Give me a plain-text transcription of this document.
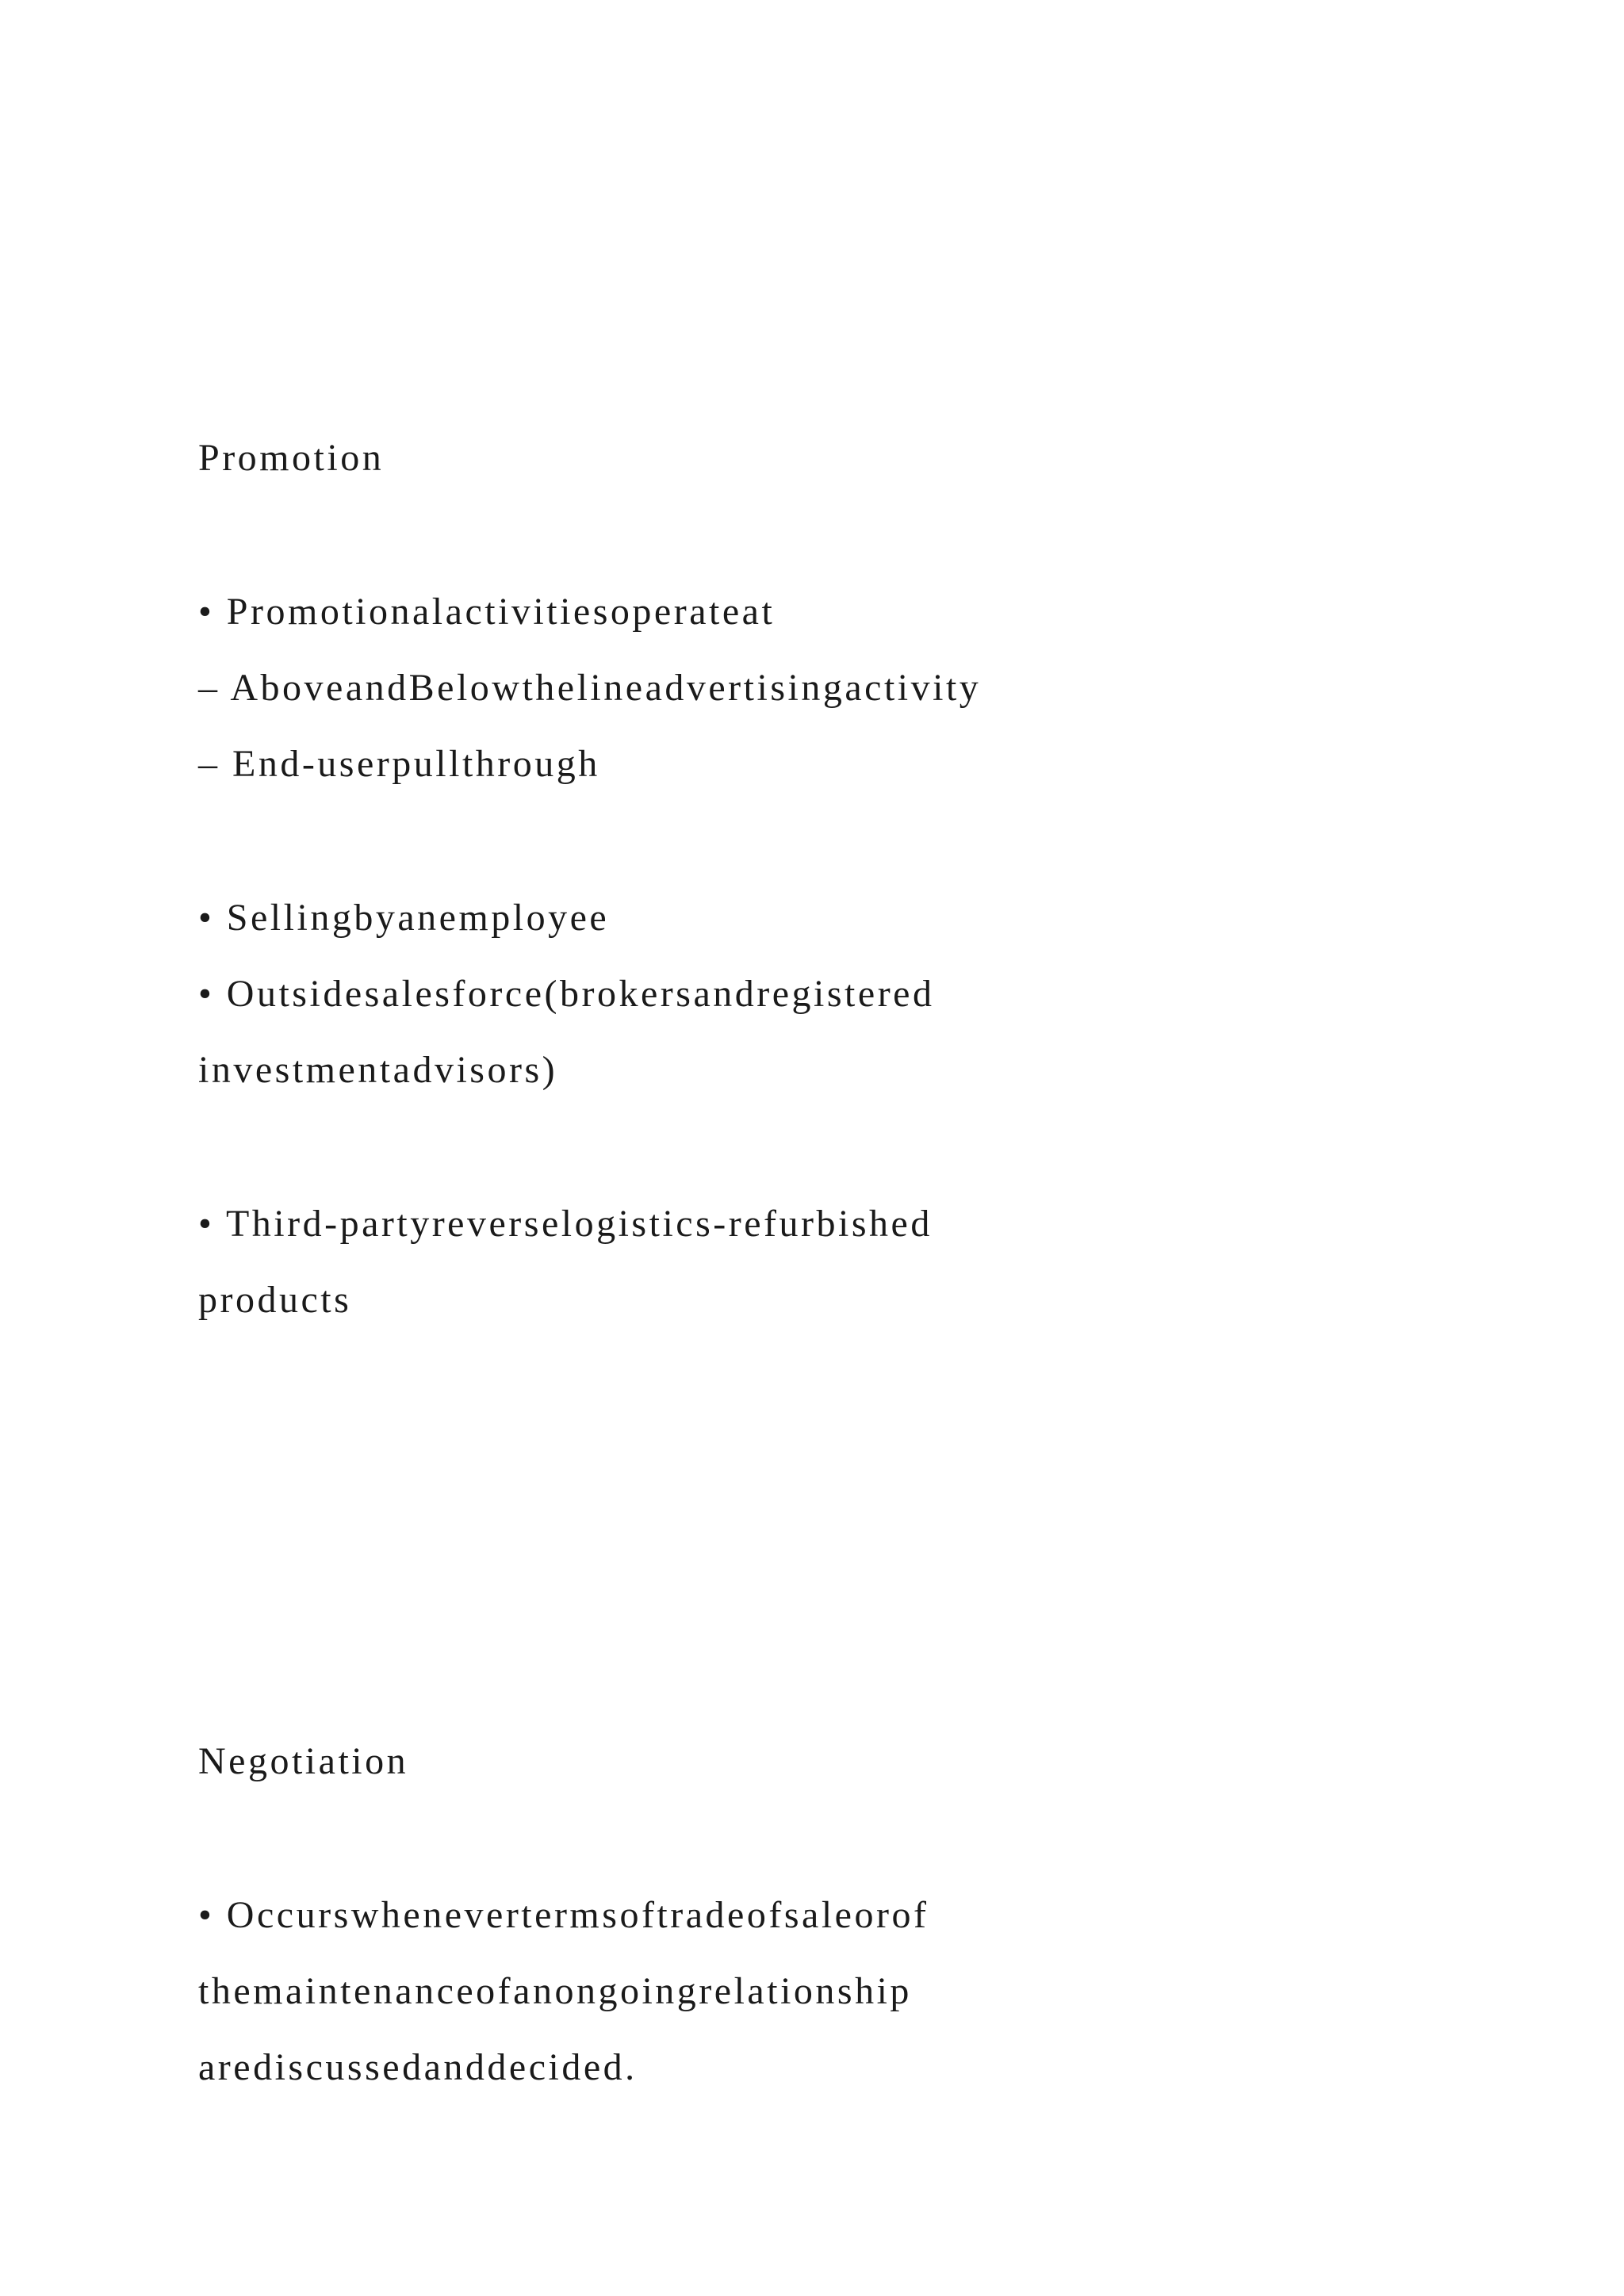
Promotion
• Promotionalactivitiesoperateat
– AboveandBelowthelineadvertisingactivity
– End-userpullthrough
• Sellingbyanemployee
• Outsidesalesforce(brokersandregistered
investmentadvisors)
• Third-partyreverselogistics-refurbished
products
Negotiation
• Occurswhenevertermsoftradeofsaleorof
themaintenanceofanongoingrelationship
arediscussedanddecided.
